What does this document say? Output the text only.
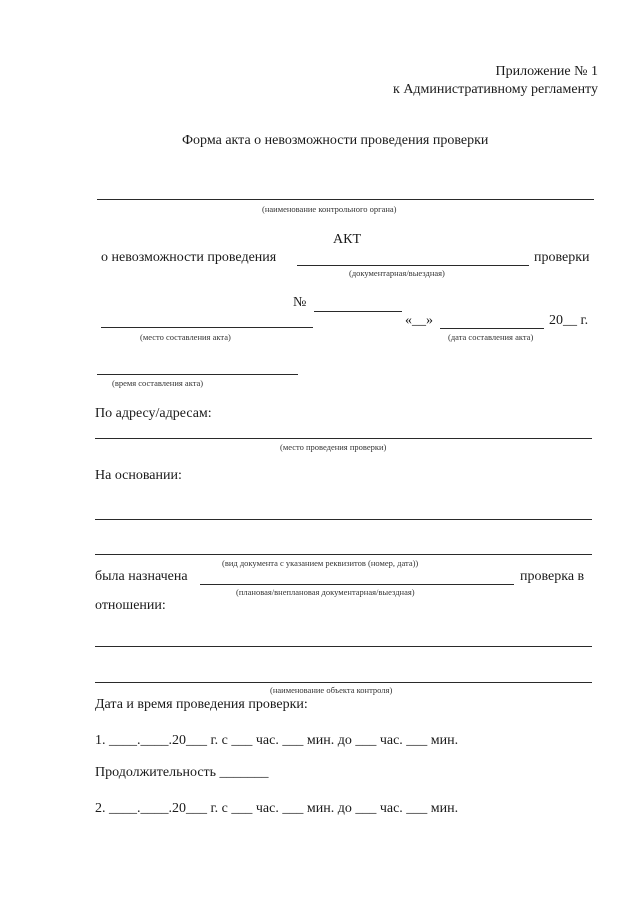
Приложение № 1
к Административному регламенту
Форма акта о невозможности проведения проверки
(наименование контрольного органа)
АКТ
о невозможности проведения	проверки
(документарная/выездная)
№
(место составления акта)
«__»	20__ г.
(дата составления акта)
(время составления акта)
По адресу/адресам:
(место проведения проверки)
На основании:
(вид документа с указанием реквизитов (номер, дата))
была назначена	проверка в
(плановая/внеплановая документарная/выездная)
отношении:
(наименование объекта контроля)
Дата и время проведения проверки:
1. ____.____.20___ г. с ___ час. ___ мин. до ___ час. ___ мин.
Продолжительность _______
2. ____.____.20___ г. с ___ час. ___ мин. до ___ час. ___ мин.
